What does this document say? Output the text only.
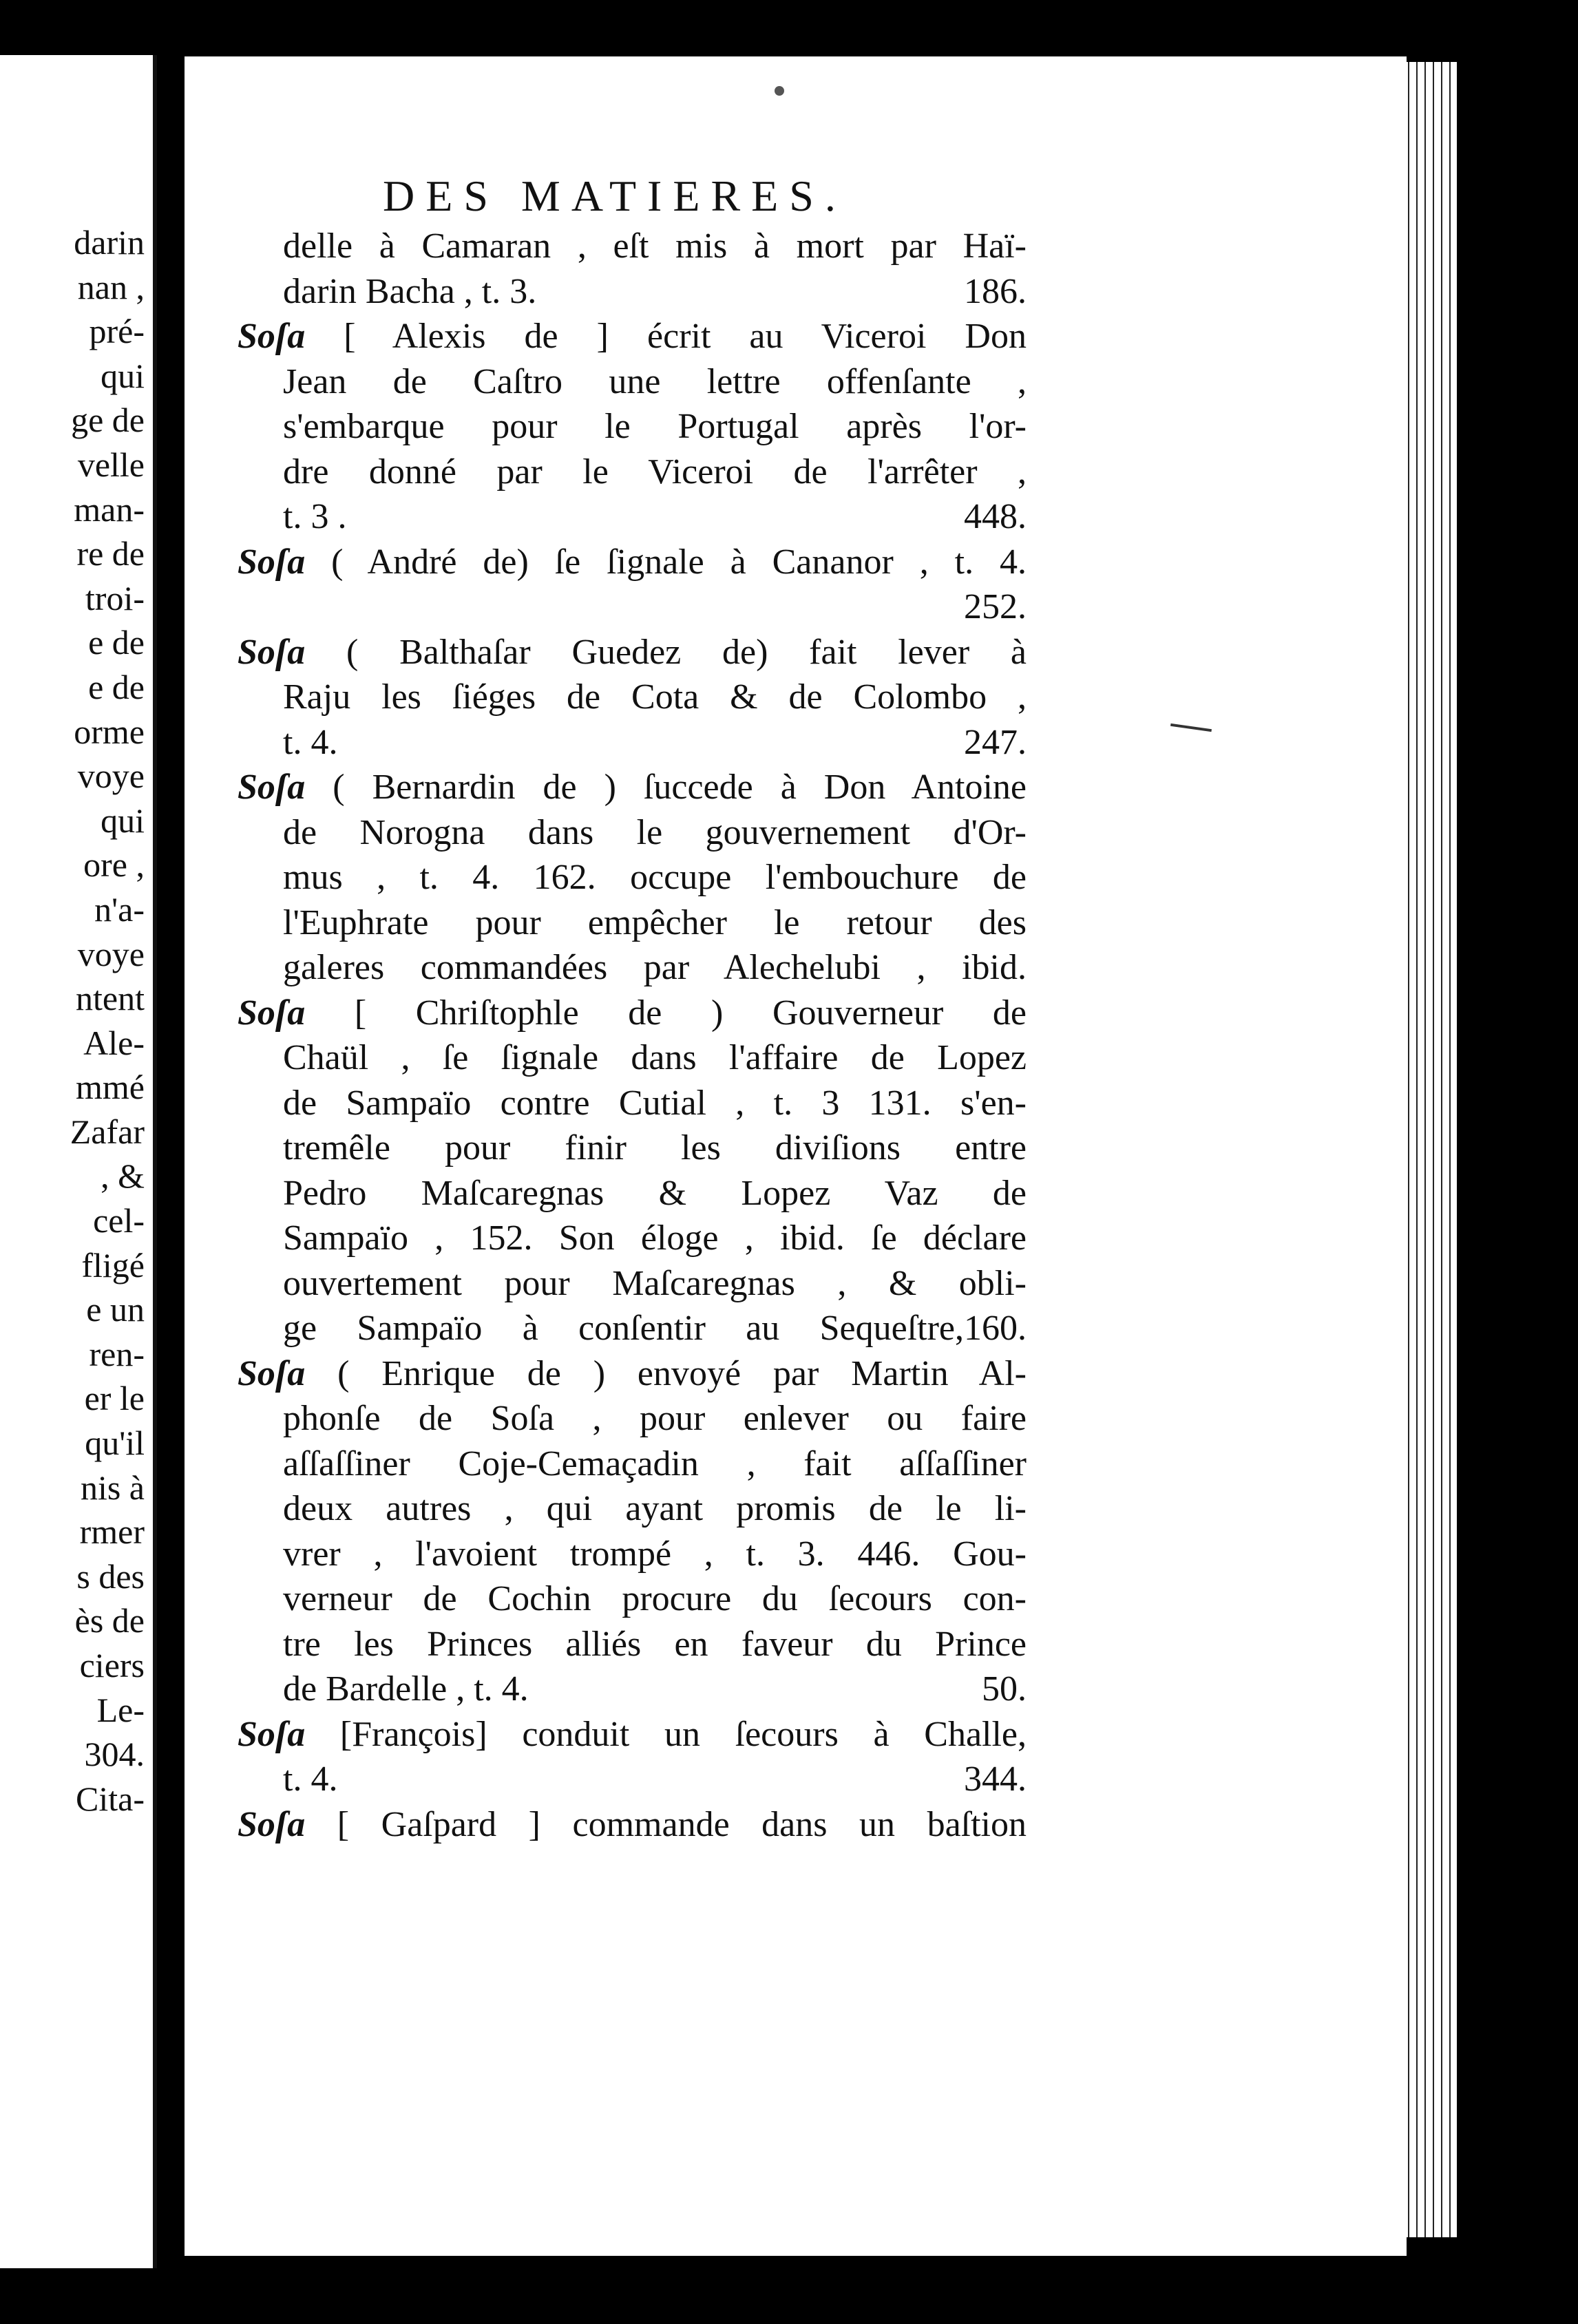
darin
nan ,
pré-
qui
ge de
velle
man-
re de
troi-
e de
e de
orme
voye
qui
ore ,
n'a-
voye
ntent
Ale-
mmé
Zafar
, &
cel-
fligé
e un
ren-
er le
qu'il
nis à
rmer
s des
ès de
ciers
Le-
304.
Cita-
DES MATIERES.
delle à Camaran , eſt mis à mort par Haï-
darin Bacha , t. 3.	186.
Soſa [ Alexis de ] écrit au Viceroi Don
Jean de Caſtro une lettre offenſante ,
s'embarque pour le Portugal après l'or-
dre donné par le Viceroi de l'arrêter ,
t. 3 .	448.
Soſa ( André de) ſe ſignale à Cananor , t. 4.
252.
Soſa ( Balthaſar Guedez de) fait lever à
Raju les ſiéges de Cota & de Colombo ,
t. 4.	247.
Soſa ( Bernardin de ) ſuccede à Don Antoine
de Norogna dans le gouvernement d'Or-
mus , t. 4. 162. occupe l'embouchure de
l'Euphrate pour empêcher le retour des
galeres commandées par Alechelubi , ibid.
Soſa [ Chriſtophle de ) Gouverneur de
Chaül , ſe ſignale dans l'affaire de Lopez
de Sampaïo contre Cutial , t. 3 131. s'en-
tremêle pour finir les diviſions entre
Pedro Maſcaregnas & Lopez Vaz de
Sampaïo , 152. Son éloge , ibid. ſe déclare
ouvertement pour Maſcaregnas , & obli-
ge Sampaïo à conſentir au Sequeſtre,160.
Soſa ( Enrique de ) envoyé par Martin Al-
phonſe de Soſa , pour enlever ou faire
aſſaſſiner Coje-Cemaçadin , fait aſſaſſiner
deux autres , qui ayant promis de le li-
vrer , l'avoient trompé , t. 3. 446. Gou-
verneur de Cochin procure du ſecours con-
tre les Princes alliés en faveur du Prince
de Bardelle , t. 4.	50.
Soſa [François] conduit un ſecours à Challe,
t. 4.	344.
Soſa [ Gaſpard ] commande dans un baſtion
